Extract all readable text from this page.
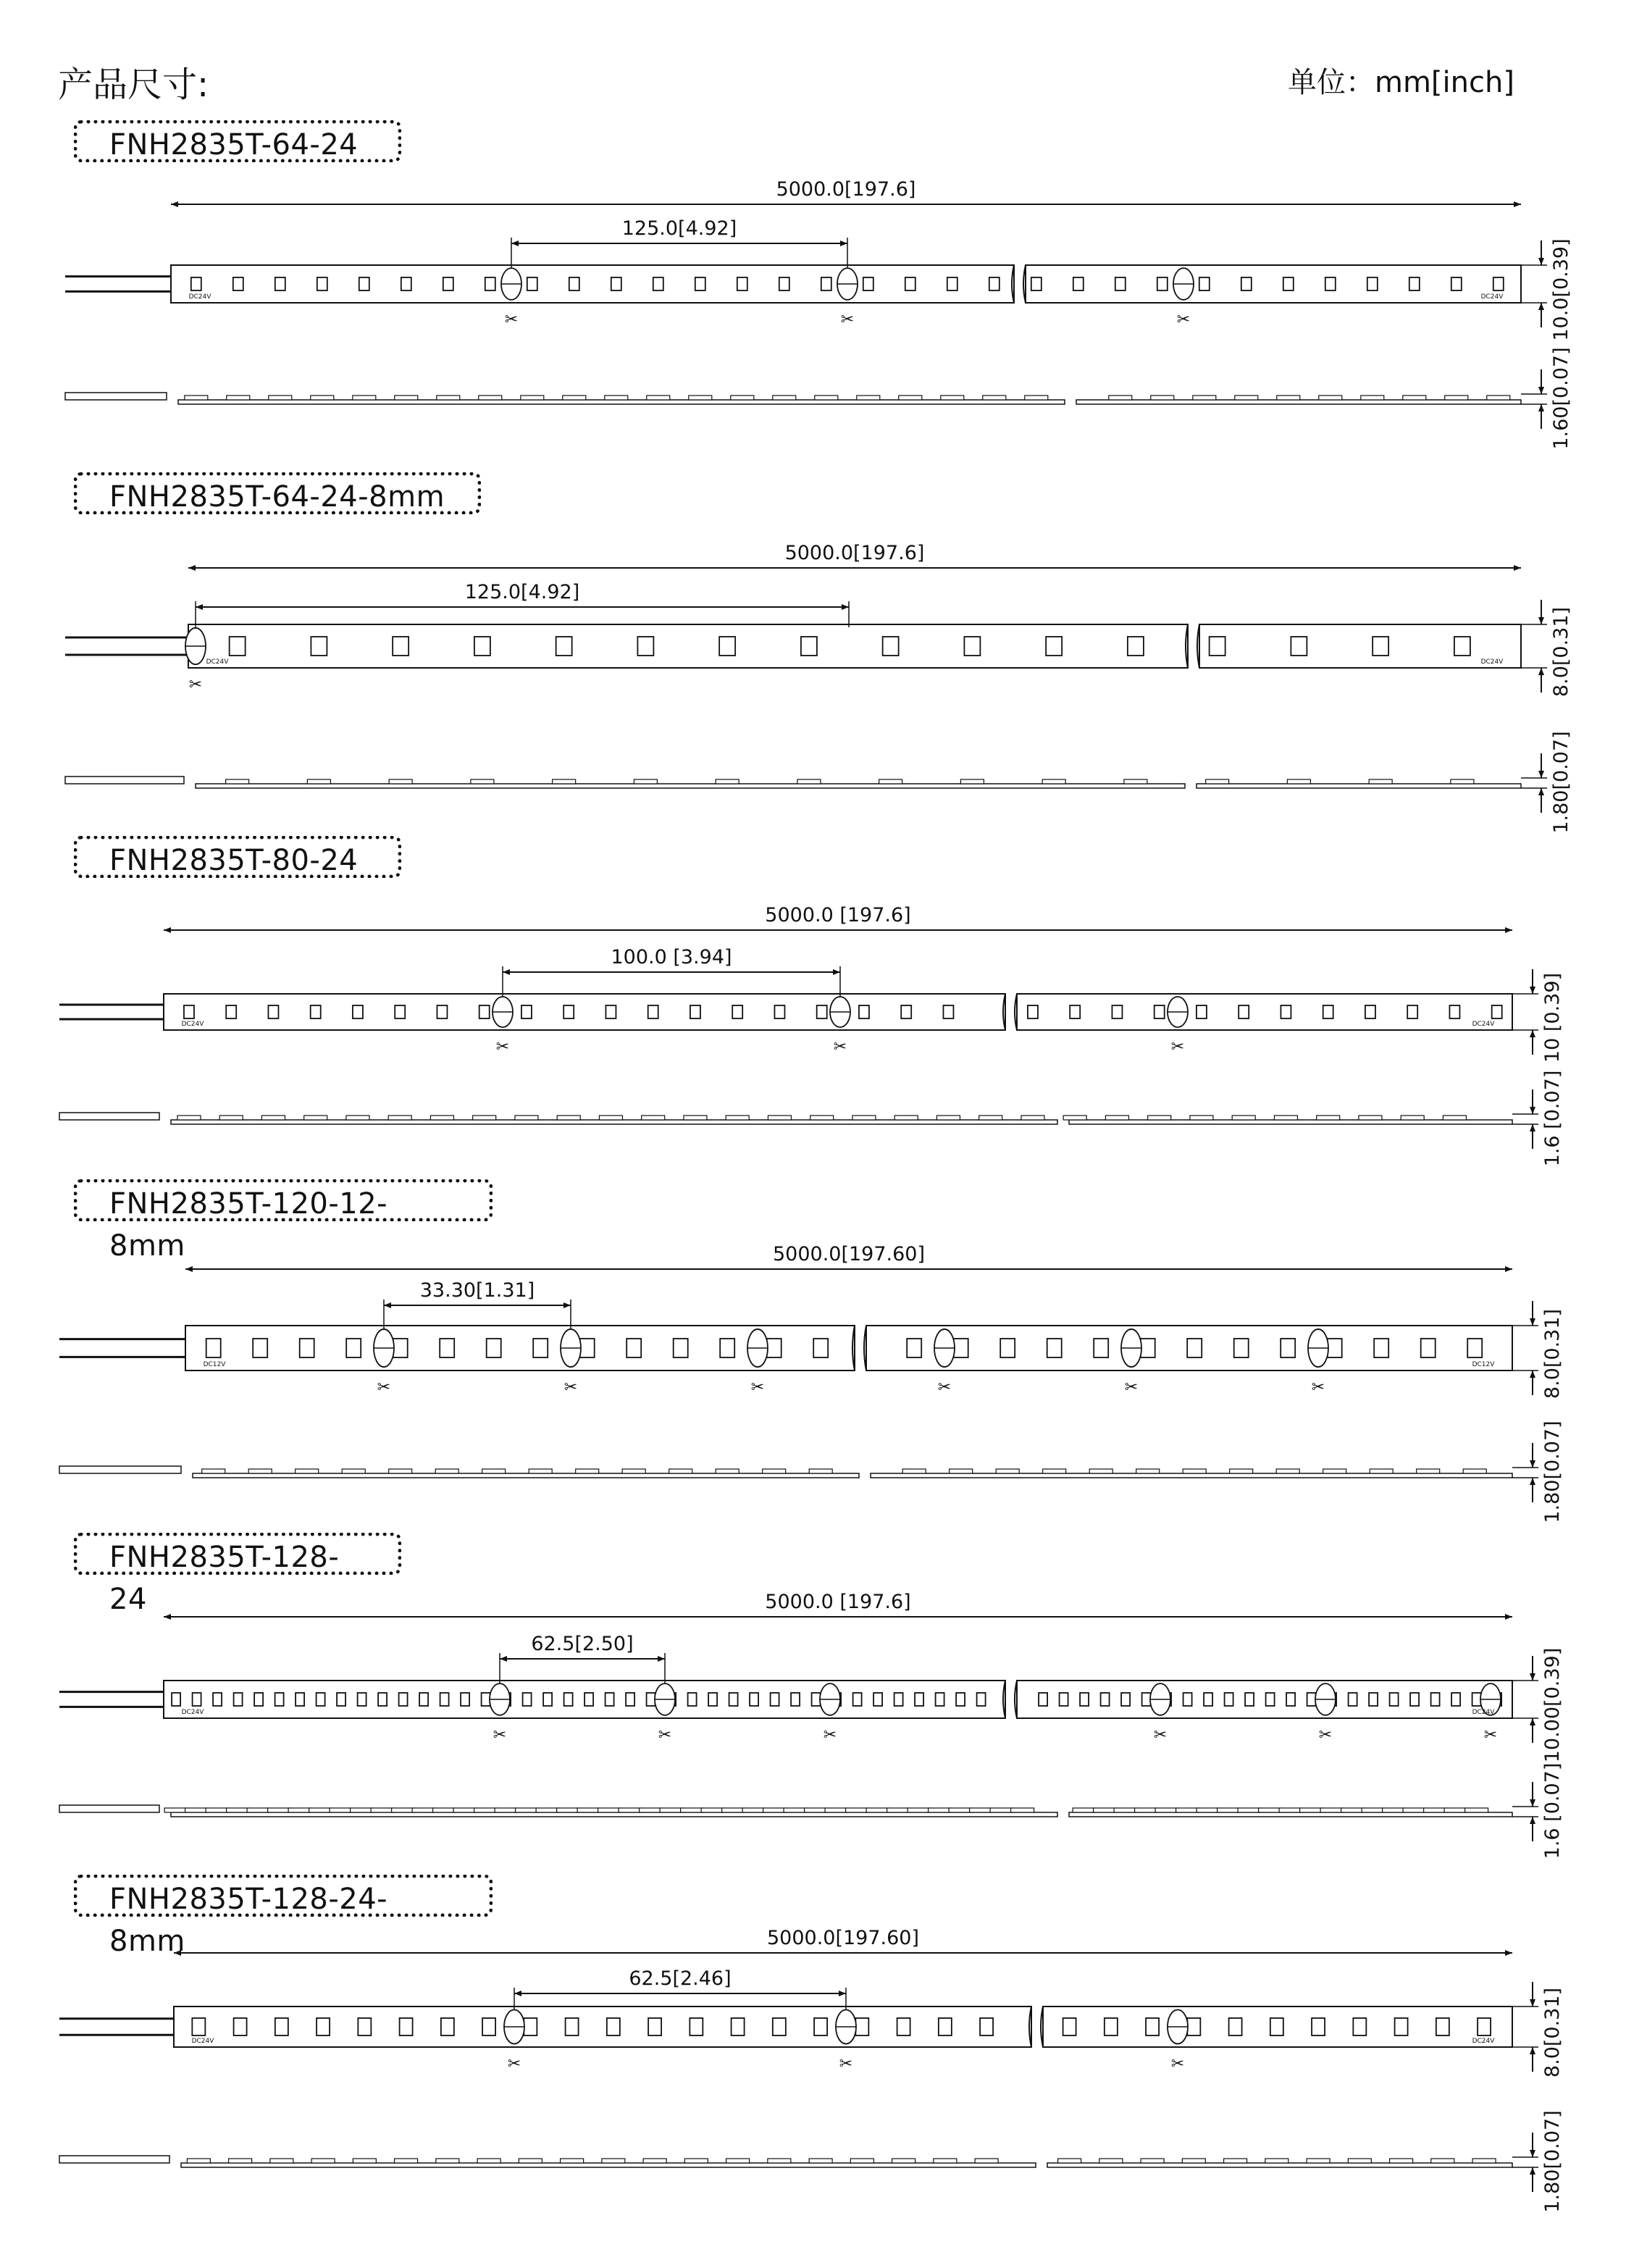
产品尺寸:	单位：mm[inch]
FNH2835T-64-24
FNH2835T-64-24-8mm
FNH2835T-80-24
FNH2835T-120-12-8mm
FNH2835T-128-24
FNH2835T-128-24-8mm
5000.0[197.6]
125.0[4.92]
✂	✂	✂
DC24V	DC24V 10.0[0.39]
1.60[0.07]
5000.0[197.6]
125.0[4.92]
✂
DC24V	DC24V 8.0[0.31]
1.80[0.07]
5000.0 [197.6]
100.0 [3.94]
✂	✂	✂
DC24V	DC24V 10 [0.39]
1.6 [0.07]
5000.0[197.60]
33.30[1.31]
✂	✂	✂	✂	✂	✂
DC12V	DC12V 8.0[0.31]
1.80[0.07]
5000.0 [197.6]
62.5[2.50]
✂	✂	✂	✂	✂	✂
DC24V	DC24V 10.00[0.39]
1.6 [0.07]
5000.0[197.60]
62.5[2.46]
✂	✂	✂
DC24V	DC24V 8.0[0.31]
1.80[0.07]
